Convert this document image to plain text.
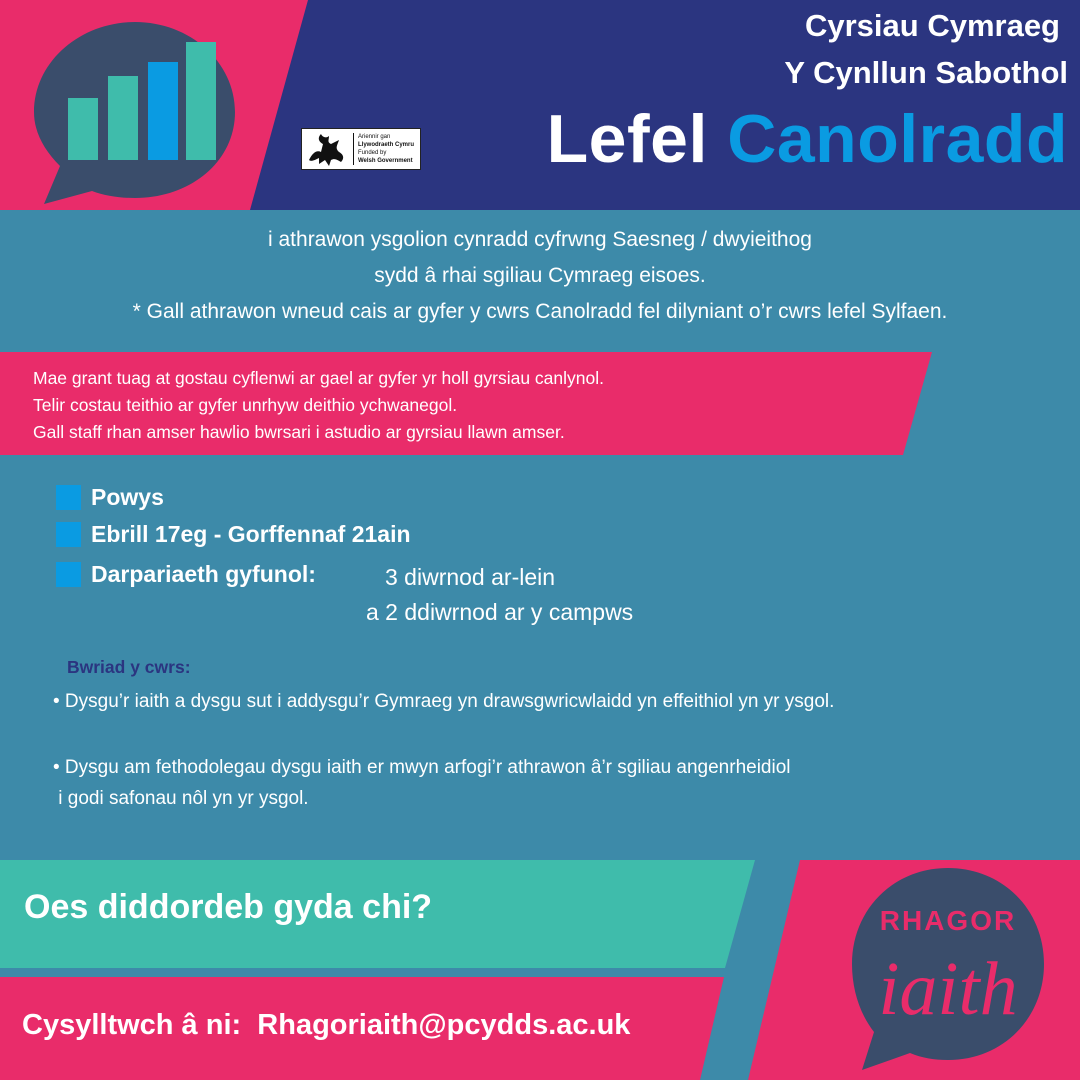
Ariennir gan
Llywodraeth Cymru
Funded by
Welsh Government
Cyrsiau Cymraeg
Y Cynllun Sabothol
Lefel Canolradd
i athrawon ysgolion cynradd cyfrwng Saesneg / dwyieithog
sydd â rhai sgiliau Cymraeg eisoes.
* Gall athrawon wneud cais ar gyfer y cwrs Canolradd fel dilyniant o’r cwrs lefel Sylfaen.
Mae grant tuag at gostau cyflenwi ar gael ar gyfer yr holl gyrsiau canlynol.
Telir costau teithio ar gyfer unrhyw deithio ychwanegol.
Gall staff rhan amser hawlio bwrsari i astudio ar gyrsiau llawn amser.
Powys
Ebrill 17eg - Gorffennaf 21ain
Darpariaeth gyfunol:	3 diwrnod ar-lein
a 2 ddiwrnod ar y campws
Bwriad y cwrs:
• Dysgu’r iaith a dysgu sut i addysgu’r Gymraeg yn drawsgwricwlaidd yn effeithiol yn yr ysgol.
• Dysgu am fethodolegau dysgu iaith er mwyn arfogi’r athrawon â’r sgiliau angenrheidiol
i godi safonau nôl yn yr ysgol.
Oes diddordeb gyda chi?
Cysylltwch â ni:  Rhagoriaith@pcydds.ac.uk
RHAGOR
iaith
